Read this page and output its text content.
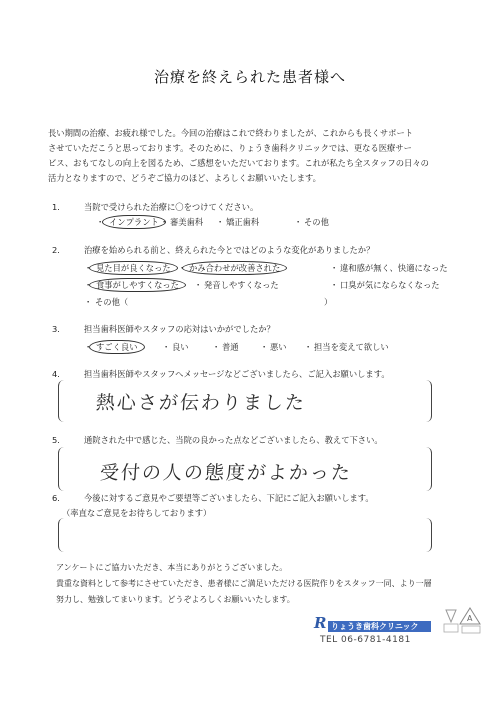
治療を終えられた患者様へ

長い期間の治療、お疲れ様でした。今回の治療はこれで終わりましたが、これからも長くサポート

させていただこうと思っております。そのために、りょうき歯科クリニックでは、更なる医療サー

ビス、おもてなしの向上を図るため、ご感想をいただいております。これが私たち全スタッフの日々の

活力となりますので、どうぞご協力のほど、よろしくお願いいたします。

1.	当院で受けられた治療に〇をつけてください。
・ インプラント ・ 審美歯科 ・ 矯正歯科	・ その他
2.	治療を始められる前と、終えられた今とではどのような変化がありましたか？
・ 見た目が良くなった ・ かみ合わせが改善された	・ 違和感が無く、快適になった
・ 食事がしやすくなった	・ 発音しやすくなった	・ 口臭が気にならなくなった
・ その他（	）
3.	担当歯科医師やスタッフの応対はいかがでしたか？
・ すごく良い	・ 良い	・ 普通	・ 悪い ・ 担当を変えて欲しい
4.	担当歯科医師やスタッフへメッセージなどございましたら、ご記入お願いします。
熱心さが伝わりました
5.	通院された中で感じた、当院の良かった点などございましたら、教えて下さい。
受付の人の態度がよかった
6.	今後に対するご意見やご要望等ございましたら、下記にご記入お願いします。
（率直なご意見をお待ちしております）

アンケートにご協力いただき、本当にありがとうございました。

貴重な資料として参考にさせていただき、患者様にご満足いただける医院作りをスタッフ一同、より一層

努力し、勉強してまいります。どうぞよろしくお願いいたします。

R りょうき歯科クリニック
TEL 06-6781-4181
A
